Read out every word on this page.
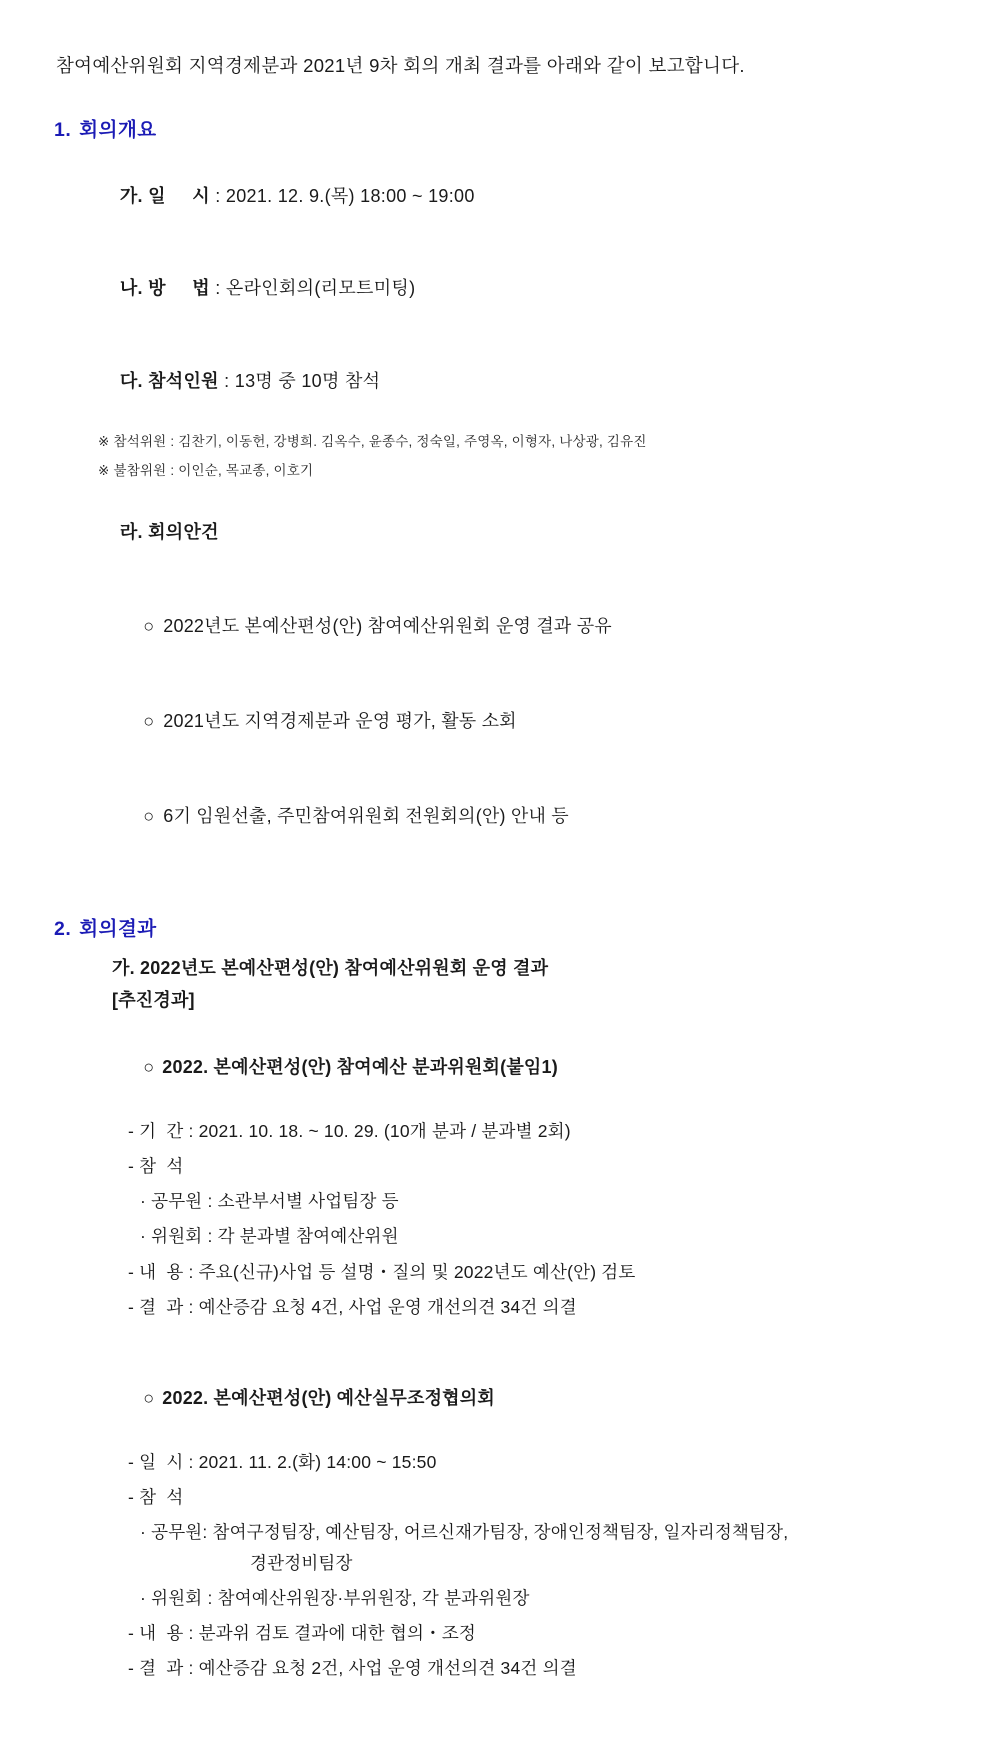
참여예산위원회 지역경제분과 2021년 9차 회의 개최 결과를 아래와 같이 보고합니다.
1. 회의개요

가. 일     시 : 2021. 12. 9.(목) 18:00 ~ 19:00

나. 방     법 : 온라인회의(리모트미팅)

다. 참석인원 : 13명 중 10명 참석

※ 참석위원 : 김찬기, 이동헌, 강병희. 김옥수, 윤종수, 정숙일, 주영옥, 이형자, 나상광, 김유진
※ 불참위원 : 이인순, 목교종, 이호기

라. 회의안건

○ 2022년도 본예산편성(안) 참여예산위원회 운영 결과 공유

○ 2021년도 지역경제분과 운영 평가, 활동 소회

○ 6기 임원선출, 주민참여위원회 전원회의(안) 안내 등

2. 회의결과
가. 2022년도 본예산편성(안) 참여예산위원회 운영 결과
[추진경과]

○ 2022. 본예산편성(안) 참여예산 분과위원회(붙임1)

- 기  간 : 2021. 10. 18. ~ 10. 29. (10개 분과 / 분과별 2회)
- 참  석
· 공무원 : 소관부서별 사업팀장 등
· 위원회 : 각 분과별 참여예산위원
- 내  용 : 주요(신규)사업 등 설명・질의 및 2022년도 예산(안) 검토
- 결  과 : 예산증감 요청 4건, 사업 운영 개선의견 34건 의결

○ 2022. 본예산편성(안) 예산실무조정협의회

- 일  시 : 2021. 11. 2.(화) 14:00 ~ 15:50
- 참  석
· 공무원: 참여구정팀장, 예산팀장, 어르신재가팀장, 장애인정책팀장, 일자리정책팀장,
경관정비팀장
· 위원회 : 참여예산위원장·부위원장, 각 분과위원장
- 내  용 : 분과위 검토 결과에 대한 협의・조정
- 결  과 : 예산증감 요청 2건, 사업 운영 개선의견 34건 의결
